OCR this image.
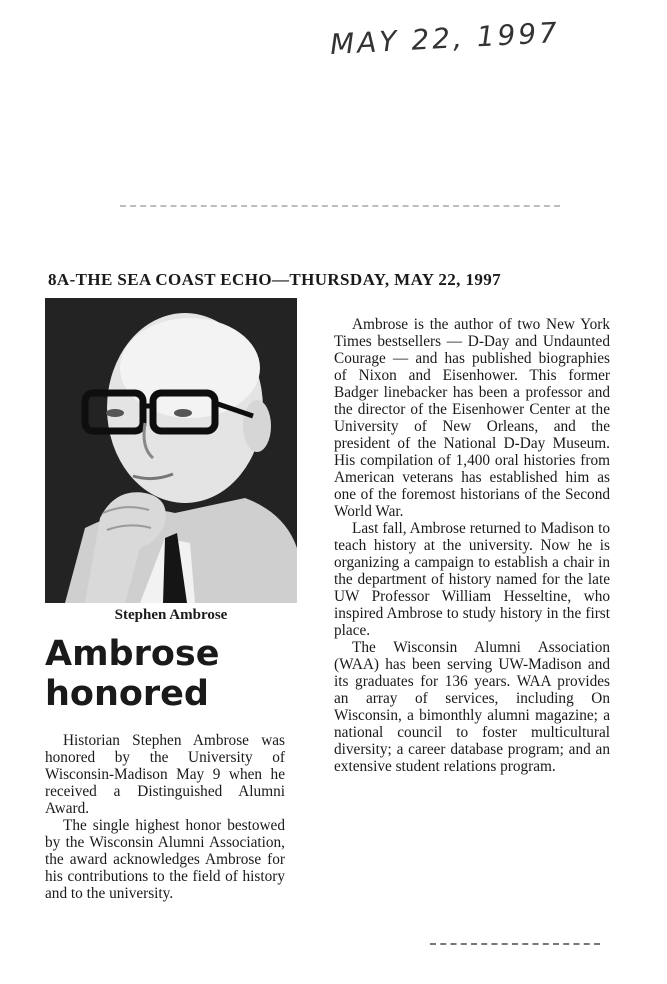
MAY 22, 1997
8A-THE SEA COAST ECHO—THURSDAY, MAY 22, 1997
Stephen Ambrose
Ambrose
honored

Historian Stephen Ambrose was honored by the University of Wisconsin-Madison May 9 when he received a Distinguished Alumni Award.

The single highest honor bestowed by the Wisconsin Alumni Association, the award acknowledges Ambrose for his contributions to the field of history and to the university.

Ambrose is the author of two New York Times bestsellers — D-Day and Undaunted Courage — and has published biographies of Nixon and Eisenhower. This former Badger linebacker has been a professor and the director of the Eisenhower Center at the University of New Orleans, and the president of the National D-Day Museum. His compilation of 1,400 oral histories from American veterans has established him as one of the foremost historians of the Second World War.

Last fall, Ambrose returned to Madison to teach history at the university. Now he is organizing a campaign to establish a chair in the department of history named for the late UW Professor William Hesseltine, who inspired Ambrose to study history in the first place.

The Wisconsin Alumni Association (WAA) has been serving UW-Madison and its graduates for 136 years. WAA provides an array of services, including On Wisconsin, a bimonthly alumni magazine; a national council to foster multicultural diversity; a career database program; and an extensive student relations program.
